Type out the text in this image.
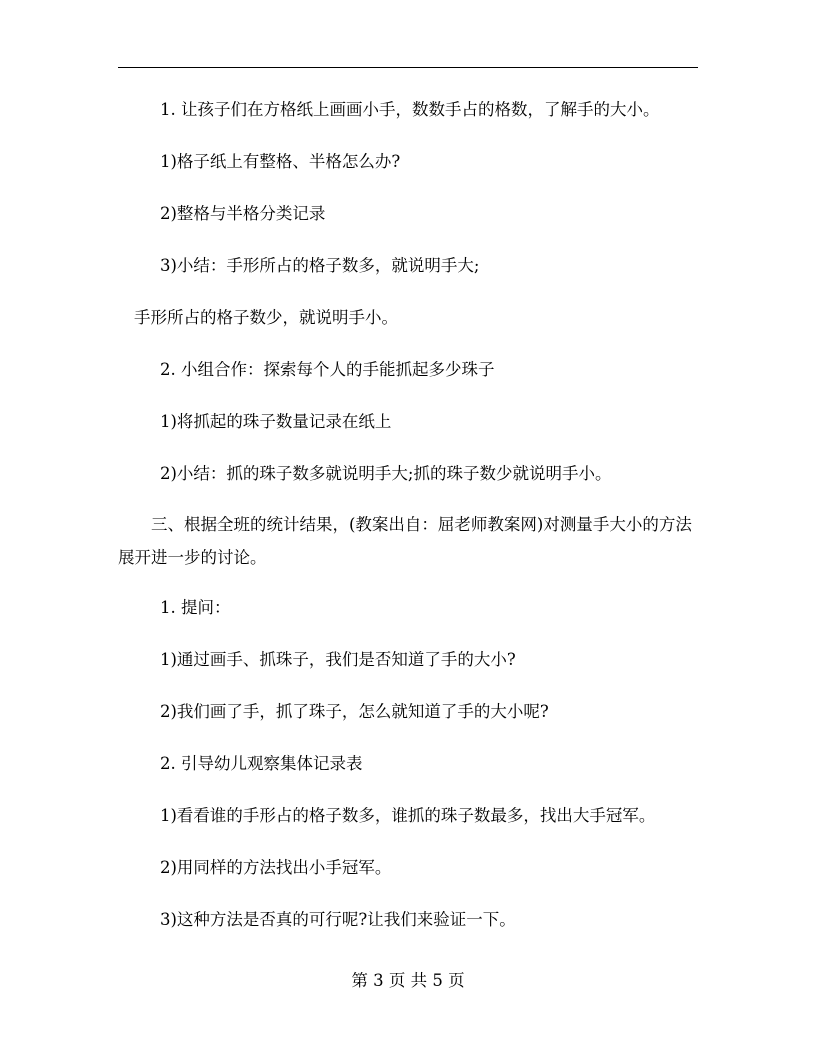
1. 让孩子们在方格纸上画画小手，数数手占的格数，了解手的大小。

1)格子纸上有整格、半格怎么办?

2)整格与半格分类记录

3)小结：手形所占的格子数多，就说明手大;

手形所占的格子数少，就说明手小。

2. 小组合作：探索每个人的手能抓起多少珠子

1)将抓起的珠子数量记录在纸上

2)小结：抓的珠子数多就说明手大;抓的珠子数少就说明手小。

三、根据全班的统计结果，(教案出自：屈老师教案网)对测量手大小的方法展开进一步的讨论。

1. 提问：

1)通过画手、抓珠子，我们是否知道了手的大小?

2)我们画了手，抓了珠子，怎么就知道了手的大小呢?

2. 引导幼儿观察集体记录表

1)看看谁的手形占的格子数多，谁抓的珠子数最多，找出大手冠军。

2)用同样的方法找出小手冠军。

3)这种方法是否真的可行呢?让我们来验证一下。

第 3 页 共 5 页
